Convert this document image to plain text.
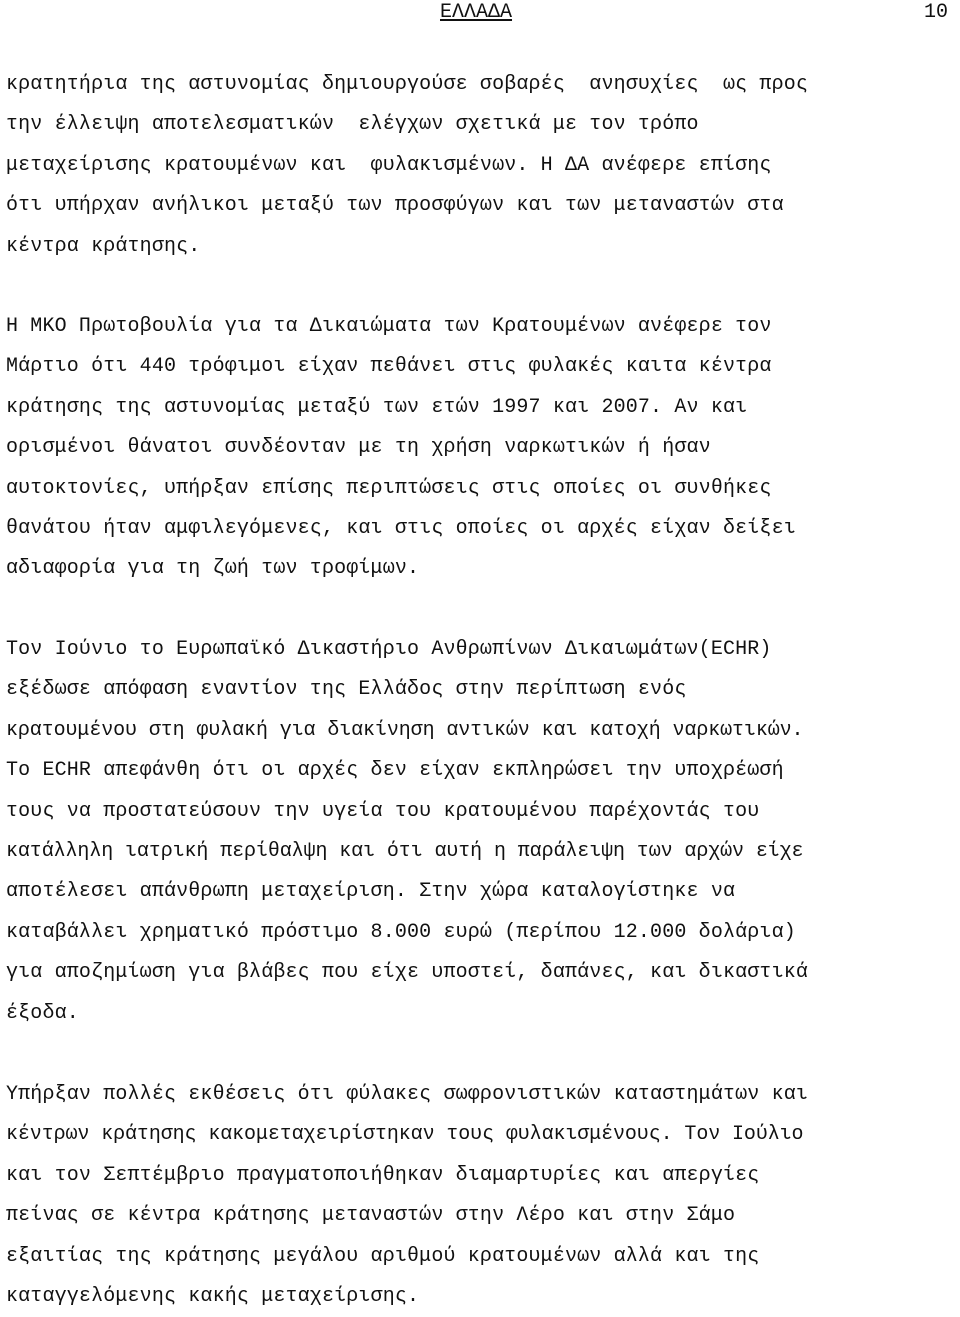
ΕΛΛΑΔΑ	10
κρατητήρια της αστυνομίας δημιουργούσε σοβαρές  ανησυχίες  ως προς
την έλλειψη αποτελεσματικών  ελέγχων σχετικά με τον τρόπο
μεταχείρισης κρατουμένων και  φυλακισμένων. Η ΔΑ ανέφερε επίσης
ότι υπήρχαν ανήλικοι μεταξύ των προσφύγων και των μεταναστών στα
κέντρα κράτησης.
Η ΜΚΟ Πρωτοβουλία για τα Δικαιώματα των Κρατουμένων ανέφερε τον
Μάρτιο ότι 440 τρόφιμοι είχαν πεθάνει στις φυλακές καιτα κέντρα
κράτησης της αστυνομίας μεταξύ των ετών 1997 και 2007. Αν και
ορισμένοι θάνατοι συνδέονταν με τη χρήση ναρκωτικών ή ήσαν
αυτοκτονίες, υπήρξαν επίσης περιπτώσεις στις οποίες οι συνθήκες
θανάτου ήταν αμφιλεγόμενες, και στις οποίες οι αρχές είχαν δείξει
αδιαφορία για τη ζωή των τροφίμων.
Τον Ιούνιο το Ευρωπαϊκό Δικαστήριο Ανθρωπίνων Δικαιωμάτων(ECHR)
εξέδωσε απόφαση εναντίον της Ελλάδος στην περίπτωση ενός
κρατουμένου στη φυλακή για διακίνηση αντικών και κατοχή ναρκωτικών.
Το ECHR απεφάνθη ότι οι αρχές δεν είχαν εκπληρώσει την υποχρέωσή
τους να προστατεύσουν την υγεία του κρατουμένου παρέχοντάς του
κατάλληλη ιατρική περίθαλψη και ότι αυτή η παράλειψη των αρχών είχε
αποτέλεσει απάνθρωπη μεταχείριση. Στην χώρα καταλογίστηκε να
καταβάλλει χρηματικό πρόστιμο 8.000 ευρώ (περίπου 12.000 δολάρια)
για αποζημίωση για βλάβες που είχε υποστεί, δαπάνες, και δικαστικά
έξοδα.
Υπήρξαν πολλές εκθέσεις ότι φύλακες σωφρονιστικών καταστημάτων και
κέντρων κράτησης κακομεταχειρίστηκαν τους φυλακισμένους. Τον Ιούλιο
και τον Σεπτέμβριο πραγματοποιήθηκαν διαμαρτυρίες και απεργίες
πείνας σε κέντρα κράτησης μεταναστών στην Λέρο και στην Σάμο
εξαιτίας της κράτησης μεγάλου αριθμού κρατουμένων αλλά και της
καταγγελόμενης κακής μεταχείρισης.
